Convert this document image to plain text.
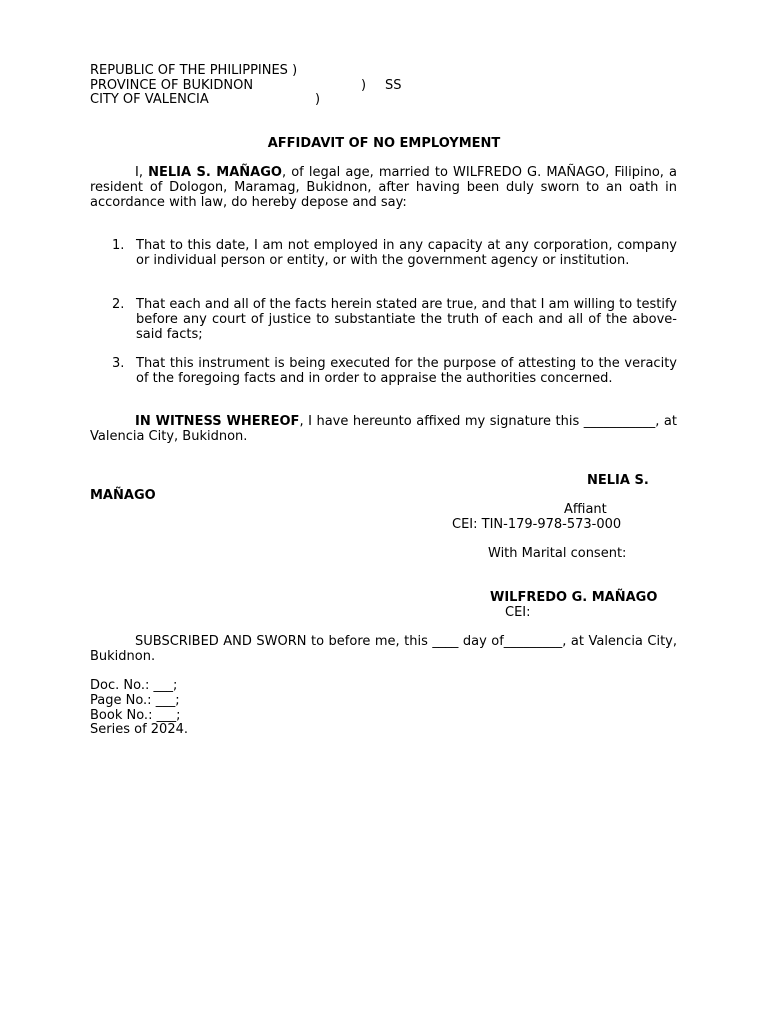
REPUBLIC OF THE PHILIPPINES )
PROVINCE OF BUKIDNON	) SS
CITY OF VALENCIA	)
AFFIDAVIT OF NO EMPLOYMENT
I, NELIA S. MAÑAGO, of legal age, married to WILFREDO G. MAÑAGO, Filipino, a resident of Dologon, Maramag, Bukidnon, after having been duly sworn to an oath in accordance with law, do hereby depose and say:
1. That to this date, I am not employed in any capacity at any corporation, company or individual person or entity, or with the government agency or institution.
2. That each and all of the facts herein stated are true, and that I am willing to testify before any court of justice to substantiate the truth of each and all of the above-said facts;
3. That this instrument is being executed for the purpose of attesting to the veracity of the foregoing facts and in order to appraise the authorities concerned.
IN WITNESS WHEREOF, I have hereunto affixed my signature this ___________, at Valencia City, Bukidnon.
NELIA S.
MAÑAGO
Affiant
CEI: TIN-179-978-573-000
With Marital consent:
WILFREDO G. MAÑAGO
CEI:
SUBSCRIBED AND SWORN to before me, this ____ day of_________, at Valencia City, Bukidnon.
Doc. No.: ___;
Page No.: ___;
Book No.: ___;
Series of 2024.
